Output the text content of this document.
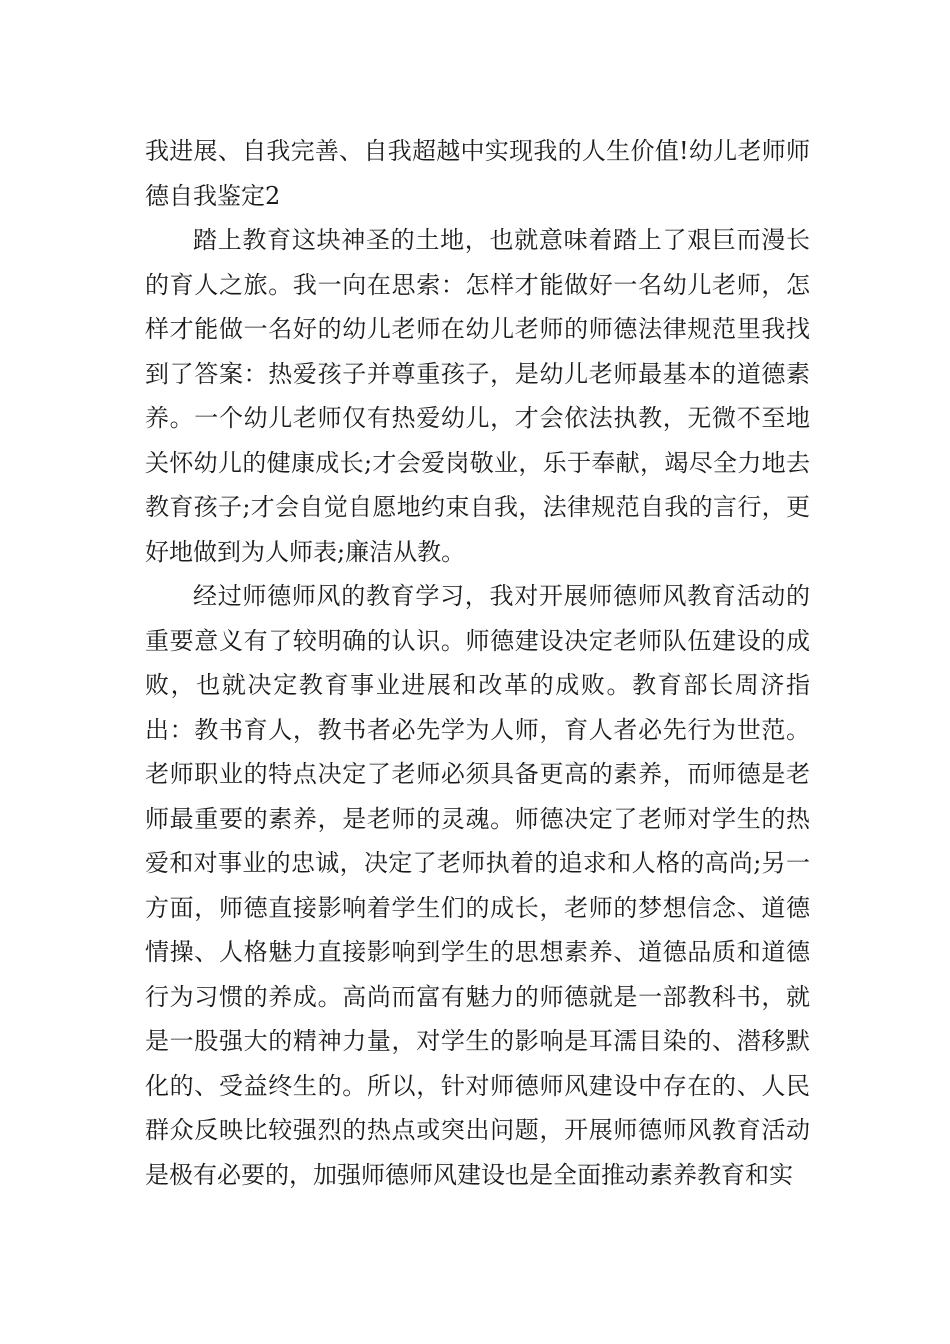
我进展、自我完善、自我超越中实现我的人生价值!幼儿老师师德自我鉴定2

踏上教育这块神圣的土地，也就意味着踏上了艰巨而漫长的育人之旅。我一向在思索：怎样才能做好一名幼儿老师，怎样才能做一名好的幼儿老师在幼儿老师的师德法律规范里我找到了答案：热爱孩子并尊重孩子，是幼儿老师最基本的道德素养。一个幼儿老师仅有热爱幼儿，才会依法执教，无微不至地关怀幼儿的健康成长;才会爱岗敬业，乐于奉献，竭尽全力地去教育孩子;才会自觉自愿地约束自我，法律规范自我的言行，更好地做到为人师表;廉洁从教。

经过师德师风的教育学习，我对开展师德师风教育活动的重要意义有了较明确的认识。师德建设决定老师队伍建设的成败，也就决定教育事业进展和改革的成败。教育部长周济指出：教书育人，教书者必先学为人师，育人者必先行为世范。老师职业的特点决定了老师必须具备更高的素养，而师德是老师最重要的素养，是老师的灵魂。师德决定了老师对学生的热爱和对事业的忠诚，决定了老师执着的追求和人格的高尚;另一方面，师德直接影响着学生们的成长，老师的梦想信念、道德情操、人格魅力直接影响到学生的思想素养、道德品质和道德行为习惯的养成。高尚而富有魅力的师德就是一部教科书，就是一股强大的精神力量，对学生的影响是耳濡目染的、潜移默化的、受益终生的。所以，针对师德师风建设中存在的、人民群众反映比较强烈的热点或突出问题，开展师德师风教育活动是极有必要的，加强师德师风建设也是全面推动素养教育和实
